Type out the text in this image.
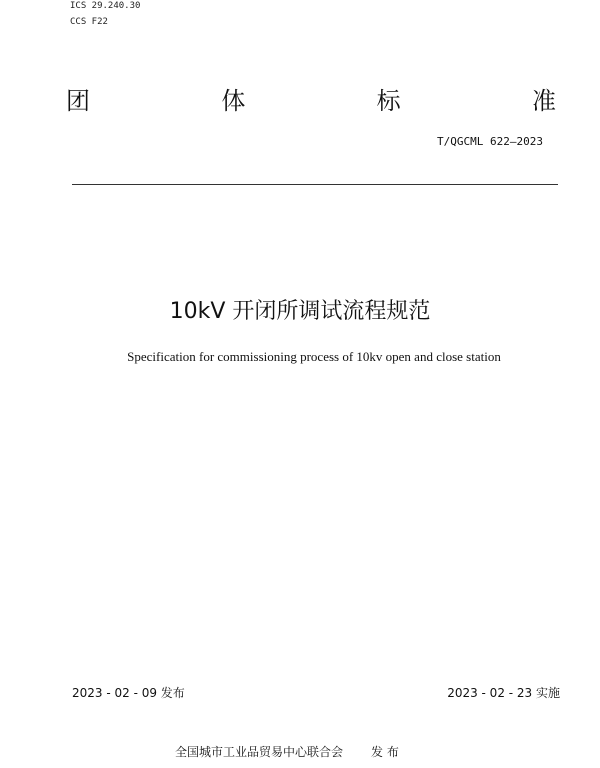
ICS 29.240.30
CCS F22
团	体	标	准
T/QGCML 622—2023
10kV 开闭所调试流程规范
Specification for commissioning process of 10kv open and close station
2023 - 02 - 09 发布	2023 - 02 - 23 实施
全国城市工业品贸易中心联合会 发 布
